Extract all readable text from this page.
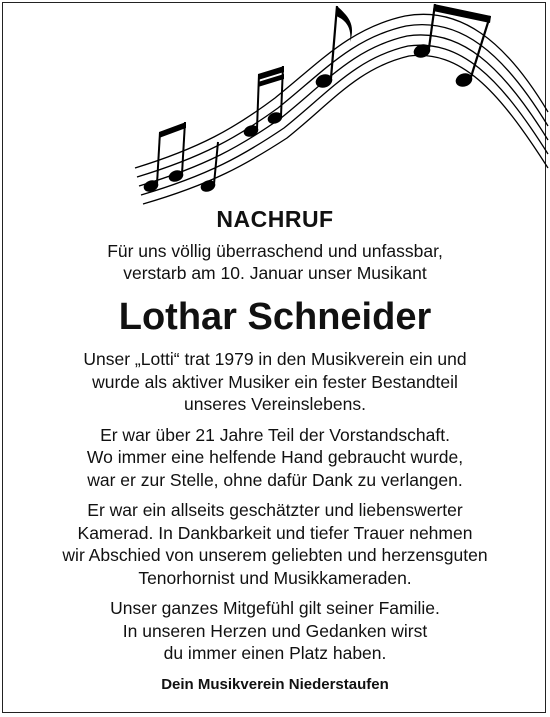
NACHRUF

Für uns völlig überraschend und unfassbar,
verstarb am 10. Januar unser Musikant

Lothar Schneider

Unser „Lotti“ trat 1979 in den Musikverein ein und
wurde als aktiver Musiker ein fester Bestandteil
unseres Vereinslebens.

Er war über 21 Jahre Teil der Vorstandschaft.
Wo immer eine helfende Hand gebraucht wurde,
war er zur Stelle, ohne dafür Dank zu verlangen.

Er war ein allseits geschätzter und liebenswerter
Kamerad. In Dankbarkeit und tiefer Trauer nehmen
wir Abschied von unserem geliebten und herzensguten
Tenorhornist und Musikkameraden.

Unser ganzes Mitgefühl gilt seiner Familie.
In unseren Herzen und Gedanken wirst
du immer einen Platz haben.

Dein Musikverein Niederstaufen
